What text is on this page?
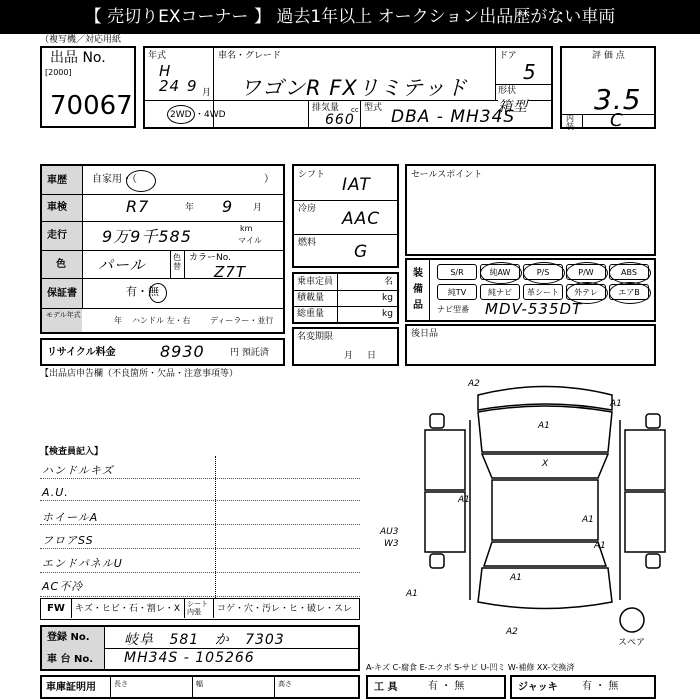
【 売切りEXコーナー 】 過去1年以上 オークション出品歴がない車両
（複写機／対応用紙
出品 No.
[2000]
70067
年式
H
24 9 月
車名・グレード
ワゴンR FXリミテッド
ドア
5
形状
箱型
2WD ・4WD
排気量
660
cc 型式 DBA - MH34S
評 価 点
3.5
内
装 C
車歴	自家用・（	）
車検	R7	年 9 月
走行 9万9千585	km
マイル
色 パール	色替
カラーNo.
Z7T
保証書	有・無
モデル年式
年 ハンドル 左・右 ディーラー・並行
リサイクル料金	8930	円 預託済
シフト IAT
冷房 AAC
燃料 G
乗車定員	名
積載量	kg
総重量	kg
名変期限
月日
セールスポイント
装備品
S/R	純AW	P/S	P/W	ABS
純TV	純ナビ	革シート	外テレ	エアB
ナビ型番 MDV-535DT
後日品
【出品店申告欄（不良箇所・欠品・注意事項等）
【検査員記入】
ハンドルキズ
A.U.
ホイールA
フロアSS
エンドパネルU
AC不冷
FW キズ・ヒビ・石・割レ・X シート内張	コゲ・穴・汚レ・ヒ・破レ・スレ
登録 No. 岐阜 581 か 7303
車 台 No. MH34S - 105266
A2
A1
X
A1
A1
A1
AU3
W3	A1
A1
A1
A2
スペア
A-キズ C-腐食 E-エクボ S-サビ U-凹ミ W-補修 XX-交換済
車庫証明用	長さ	幅	高さ	工 具	有 ・ 無	ジャッキ 有 ・ 無
